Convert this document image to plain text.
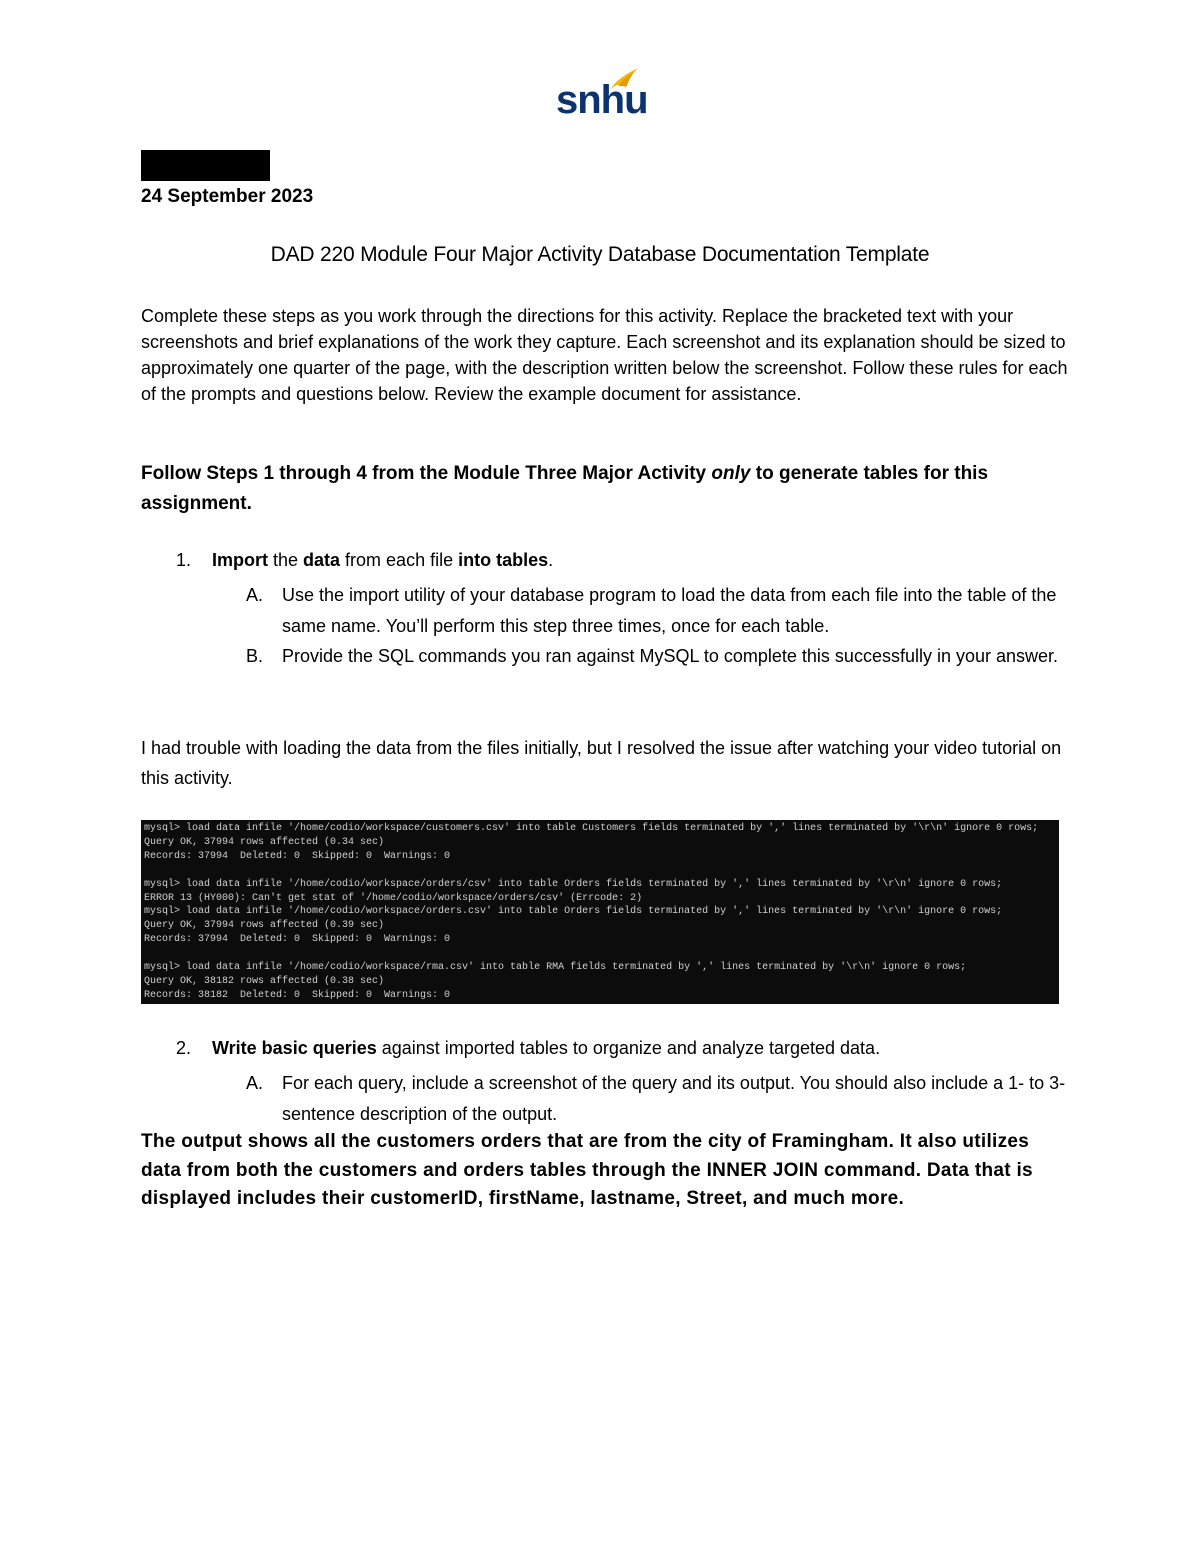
snhu
24 September 2023
DAD 220 Module Four Major Activity Database Documentation Template
Complete these steps as you work through the directions for this activity. Replace the bracketed text with your screenshots and brief explanations of the work they capture. Each screenshot and its explanation should be sized to approximately one quarter of the page, with the description written below the screenshot. Follow these rules for each of the prompts and questions below. Review the example document for assistance.
Follow Steps 1 through 4 from the Module Three Major Activity only to generate tables for this assignment.
1. Import the data from each file into tables.
A.	Use the import utility of your database program to load the data from each file into the table of the same name. You’ll perform this step three times, once for each table.
B.	Provide the SQL commands you ran against MySQL to complete this successfully in your answer.
I had trouble with loading the data from the files initially, but I resolved the issue after watching your video tutorial on this activity.
mysql> load data infile '/home/codio/workspace/customers.csv' into table Customers fields terminated by ',' lines terminated by '\r\n' ignore 0 rows;
Query OK, 37994 rows affected (0.34 sec)
Records: 37994  Deleted: 0  Skipped: 0  Warnings: 0

mysql> load data infile '/home/codio/workspace/orders/csv' into table Orders fields terminated by ',' lines terminated by '\r\n' ignore 0 rows;
ERROR 13 (HY000): Can't get stat of '/home/codio/workspace/orders/csv' (Errcode: 2)
mysql> load data infile '/home/codio/workspace/orders.csv' into table Orders fields terminated by ',' lines terminated by '\r\n' ignore 0 rows;
Query OK, 37994 rows affected (0.39 sec)
Records: 37994  Deleted: 0  Skipped: 0  Warnings: 0

mysql> load data infile '/home/codio/workspace/rma.csv' into table RMA fields terminated by ',' lines terminated by '\r\n' ignore 0 rows;
Query OK, 38182 rows affected (0.38 sec)
Records: 38182  Deleted: 0  Skipped: 0  Warnings: 0
2. Write basic queries against imported tables to organize and analyze targeted data.
A.	For each query, include a screenshot of the query and its output. You should also include a 1- to 3-sentence description of the output.
The output shows all the customers orders that are from the city of Framingham. It also utilizes data from both the customers and orders tables through the INNER JOIN command. Data that is displayed includes their customerID, firstName, lastname, Street, and much more.
